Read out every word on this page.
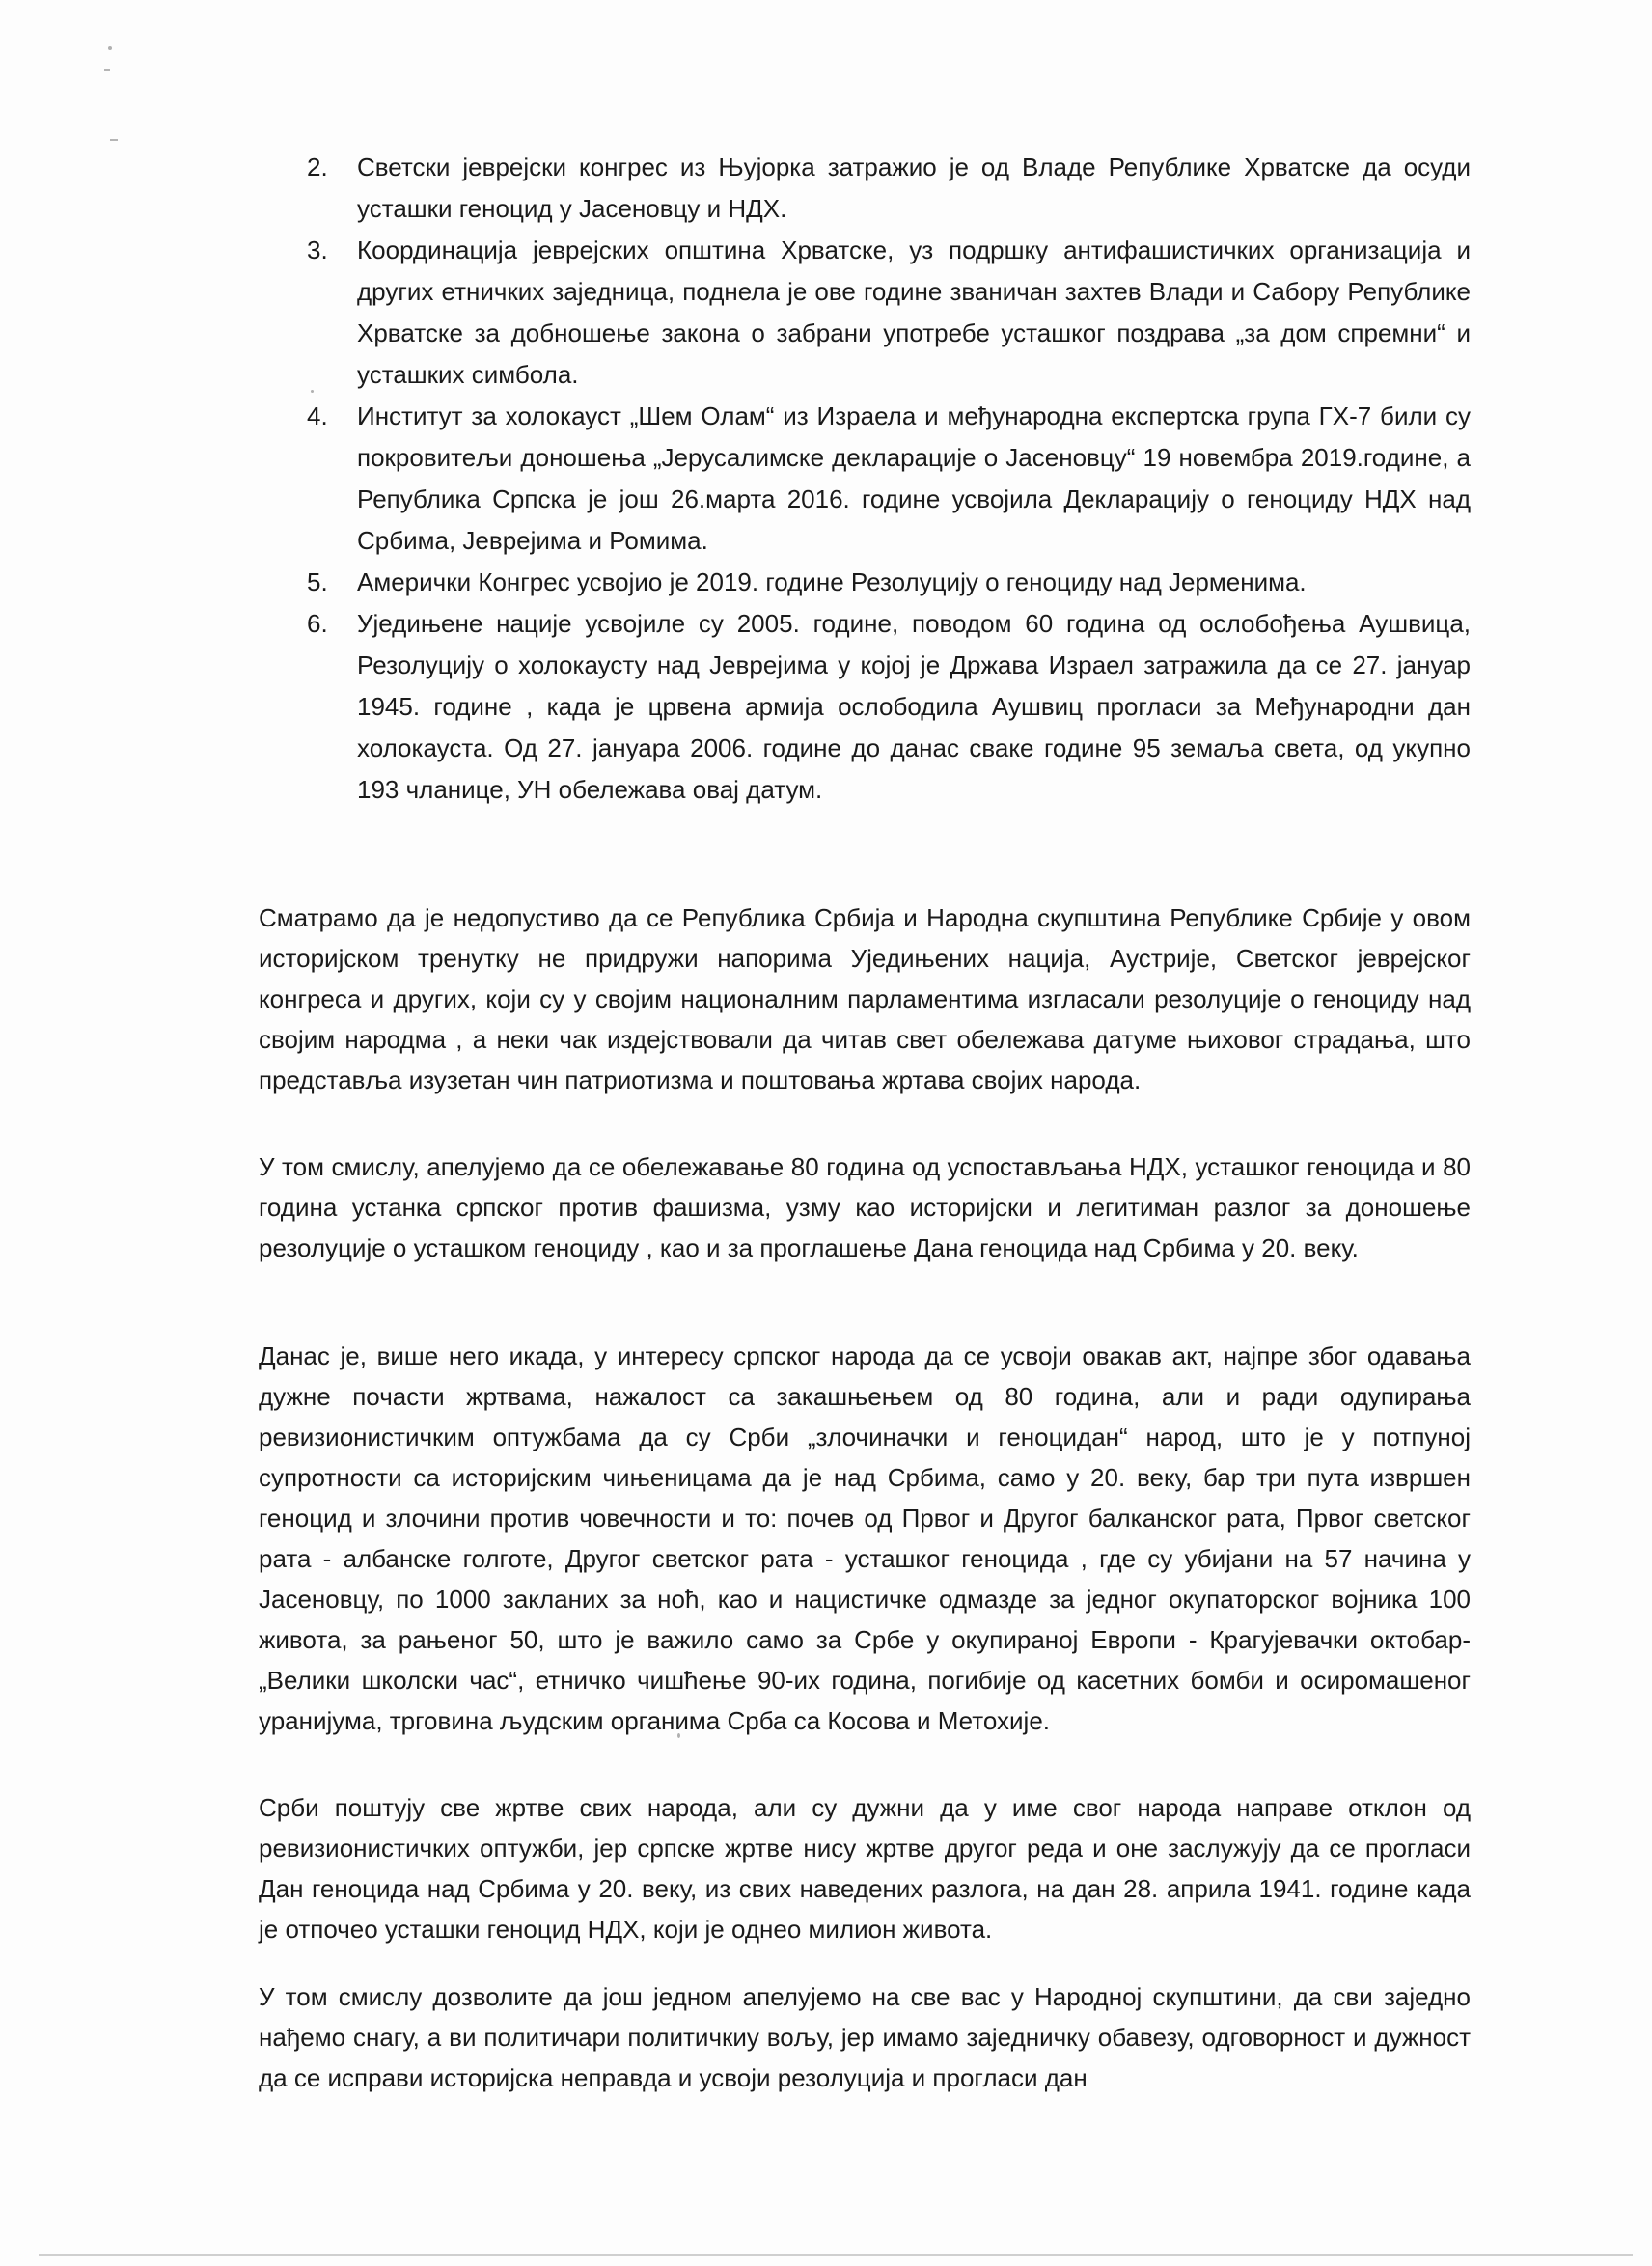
2. Светски јеврејски конгрес из Њујорка затражио је од Владе Републике Хрватске да осуди усташки геноцид у Јасеновцу и НДХ.
3. Координација јеврејских општина Хрватске, уз подршку антифашистичких организација и других етничких заједница, поднела је ове године званичан захтев Влади и Сабору Републике Хрватске за добношење закона о забрани употребе усташког поздрава „за дом спремни“ и усташких симбола.
4. Институт за холокауст „Шем Олам“ из Израела и међународна експертска група ГХ-7 били су покровитељи доношења „Јерусалимске декларације о Јасеновцу“ 19 новембра 2019.године, а Република Српска је још 26.марта 2016. године усвојила Декларацију о геноциду НДХ над Србима, Јеврејима и Ромима.
5. Амерички Конгрес усвојио је 2019. године Резолуцију о геноциду над Јерменима.
6. Уједињене нације усвојиле су 2005. године, поводом 60 година од ослобођења Аушвица, Резолуцију о холокаусту над Јеврејима у којој је Држава Израел затражила да се 27. јануар 1945. године , када је црвена армија ослободила Аушвиц прогласи за Међународни дан холокауста. Од 27. јануара 2006. године до данас сваке године 95 земаља света, од укупно 193 чланице, УН обележава овај датум.

Сматрамо да је недопустиво да се Република Србија и Народна скупштина Републике Србије у овом историјском тренутку не придружи напорима Уједињених нација, Аустрије, Светског јеврејског конгреса и других, који су у својим националним парламентима изгласали резолуције о геноциду над својим народма , а неки чак издејствовали да читав свет обележава датуме њиховог страдања, што представља изузетан чин патриотизма и поштовања жртава својих народа.

У том смислу, апелујемо да се обележавање 80 година од успостављања НДХ, усташког геноцида и 80 година устанка српског против фашизма, узму као историјски и легитиман разлог за доношење резолуције о усташком геноциду , као и за проглашење Дана геноцида над Србима у 20. веку.

Данас је, више него икада, у интересу српског народа да се усвоји овакав акт, најпре због одавања дужне почасти жртвама, нажалост са закашњењем од 80 година, али и ради одупирања ревизионистичким оптужбама да су Срби „злочиначки и геноцидан“ народ, што је у потпуној супротности са историјским чињеницама да је над Србима, само у 20. веку, бар три пута извршен геноцид и злочини против човечности и то: почев од Првог и Другог балканског рата, Првог светског рата - албанске голготе, Другог светског рата - усташког геноцида , где су убијани на 57 начина у Јасеновцу, по 1000 закланих за ноћ, као и нацистичке одмазде за једног окупаторског војника 100 живота, за рањеног 50, што је важило само за Србе у окупираној Европи - Крагујевачки октобар- „Велики школски час“, етничко чишћење 90-их година, погибије од касетних бомби и осиромашеног уранијума, трговина људским органима Срба са Косова и Метохије.

Срби поштују све жртве свих народа, али су дужни да у име свог народа направе отклон од ревизионистичких оптужби, јер српске жртве нису жртве другог реда и оне заслужују да се прогласи Дан геноцида над Србима у 20. веку, из свих наведених разлога, на дан 28. априла 1941. године када је отпочео усташки геноцид НДХ, који је однео милион живота.

У том смислу дозволите да још једном апелујемо на све вас у Народној скупштини, да сви заједно нађемо снагу, а ви политичари политичкиу вољу, јер имамо заједничку обавезу, одговорност и дужност да се исправи историјска неправда и усвоји резолуција и прогласи дан
